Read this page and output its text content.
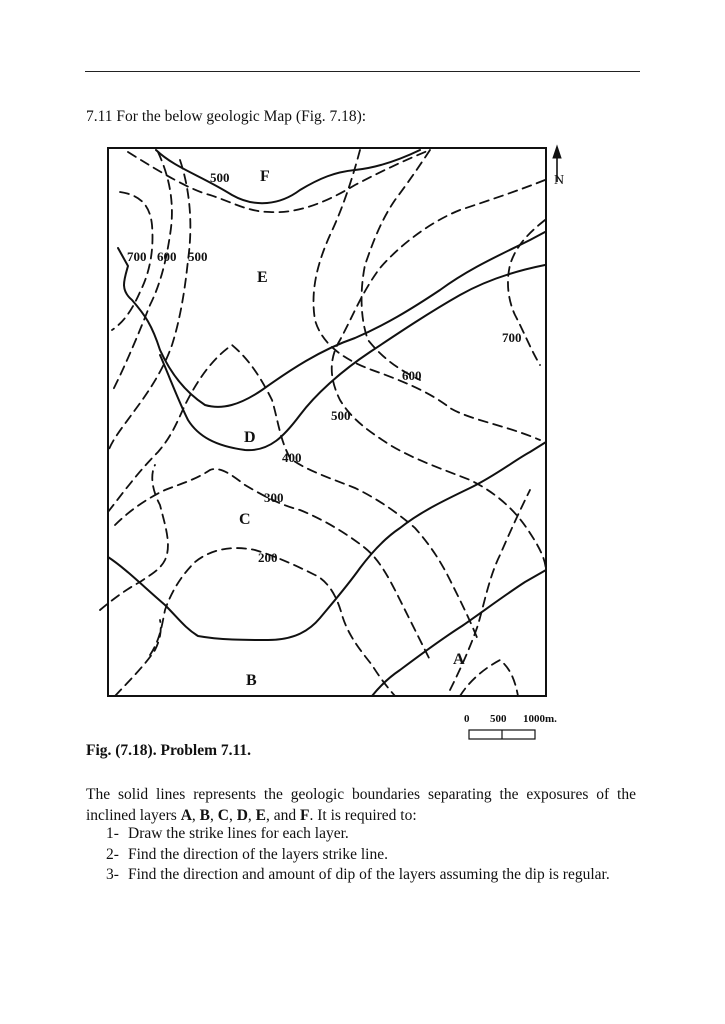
7.11 For the below geologic Map (Fig. 7.18):
N
F
E
D
C
B
A
500
700 600 500
700
600
500
400
300
200
0 500 1000m.
Fig. (7.18). Problem 7.11.
The solid lines represents the geologic boundaries separating the exposures of the inclined layers A, B, C, D, E, and F. It is required to:
1- Draw the strike lines for each layer.
2- Find the direction of the layers strike line.
3- Find the direction and amount of dip of the layers assuming the dip is regular.
